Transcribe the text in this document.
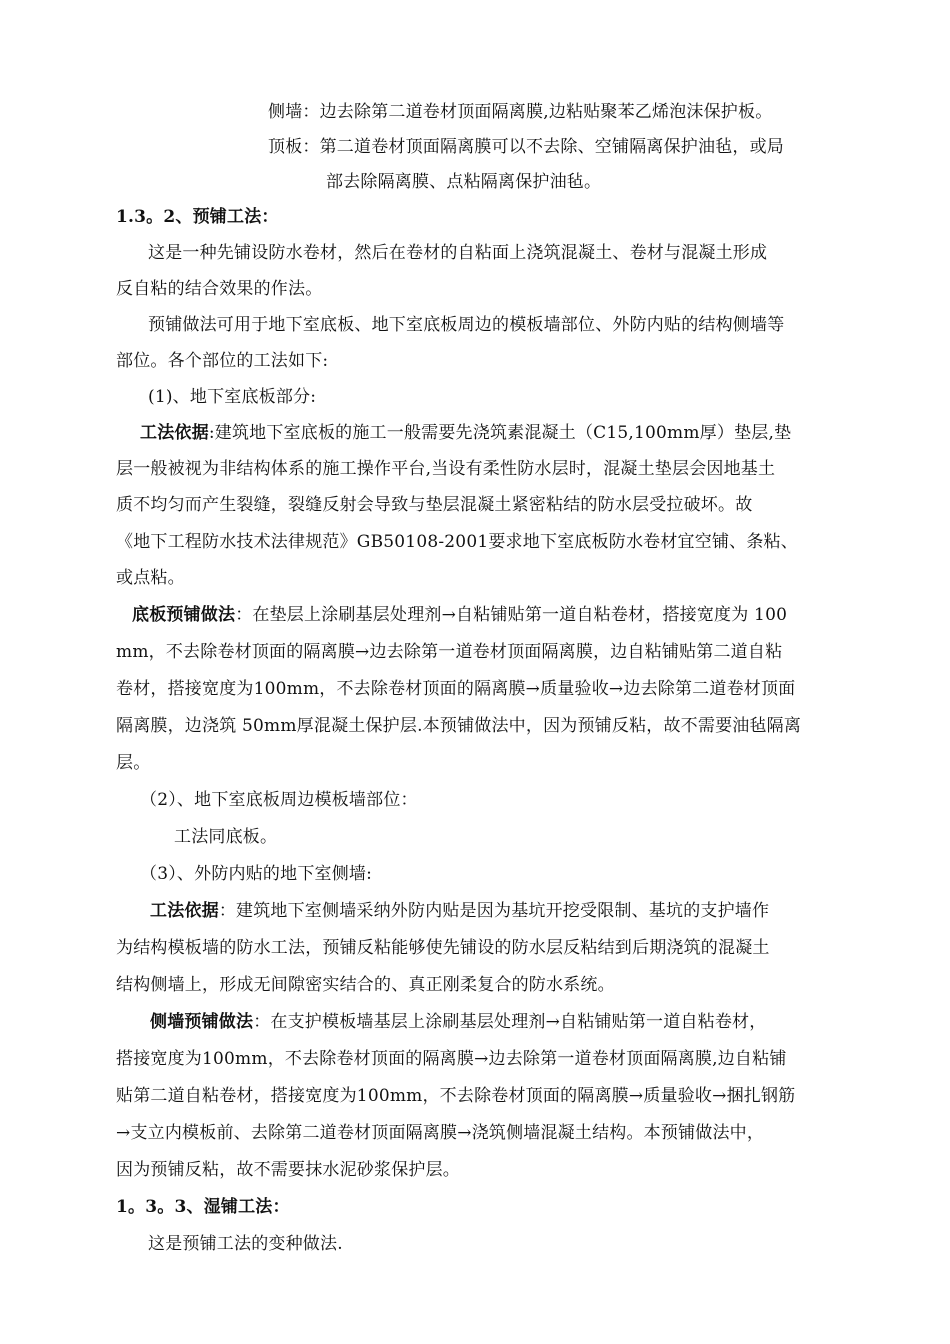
侧墙：边去除第二道卷材顶面隔离膜,边粘贴聚苯乙烯泡沫保护板。
顶板：第二道卷材顶面隔离膜可以不去除、空铺隔离保护油毡，或局
部去除隔离膜、点粘隔离保护油毡。
1.3。2、预铺工法：
这是一种先铺设防水卷材，然后在卷材的自粘面上浇筑混凝土、卷材与混凝土形成
反自粘的结合效果的作法。
预铺做法可用于地下室底板、地下室底板周边的模板墙部位、外防内贴的结构侧墙等
部位。各个部位的工法如下:
(1)、地下室底板部分:
工法依据:建筑地下室底板的施工一般需要先浇筑素混凝土（C15,100mm厚）垫层,垫
层一般被视为非结构体系的施工操作平台,当设有柔性防水层时，混凝土垫层会因地基土
质不均匀而产生裂缝，裂缝反射会导致与垫层混凝土紧密粘结的防水层受拉破坏。故
《地下工程防水技术法律规范》GB50108-2001要求地下室底板防水卷材宜空铺、条粘、
或点粘。
底板预铺做法：在垫层上涂刷基层处理剂→自粘铺贴第一道自粘卷材，搭接宽度为 100
mm，不去除卷材顶面的隔离膜→边去除第一道卷材顶面隔离膜，边自粘铺贴第二道自粘
卷材，搭接宽度为100mm，不去除卷材顶面的隔离膜→质量验收→边去除第二道卷材顶面
隔离膜，边浇筑 50mm厚混凝土保护层.本预铺做法中，因为预铺反粘，故不需要油毡隔离
层。
（2）、地下室底板周边模板墙部位：
工法同底板。
（3）、外防内贴的地下室侧墙:
工法依据：建筑地下室侧墙采纳外防内贴是因为基坑开挖受限制、基坑的支护墙作
为结构模板墙的防水工法，预铺反粘能够使先铺设的防水层反粘结到后期浇筑的混凝土
结构侧墙上，形成无间隙密实结合的、真正刚柔复合的防水系统。
侧墙预铺做法：在支护模板墙基层上涂刷基层处理剂→自粘铺贴第一道自粘卷材，
搭接宽度为100mm，不去除卷材顶面的隔离膜→边去除第一道卷材顶面隔离膜,边自粘铺
贴第二道自粘卷材，搭接宽度为100mm，不去除卷材顶面的隔离膜→质量验收→捆扎钢筋
→支立内模板前、去除第二道卷材顶面隔离膜→浇筑侧墙混凝土结构。本预铺做法中，
因为预铺反粘，故不需要抹水泥砂浆保护层。
1。3。3、湿铺工法：
这是预铺工法的变种做法.
